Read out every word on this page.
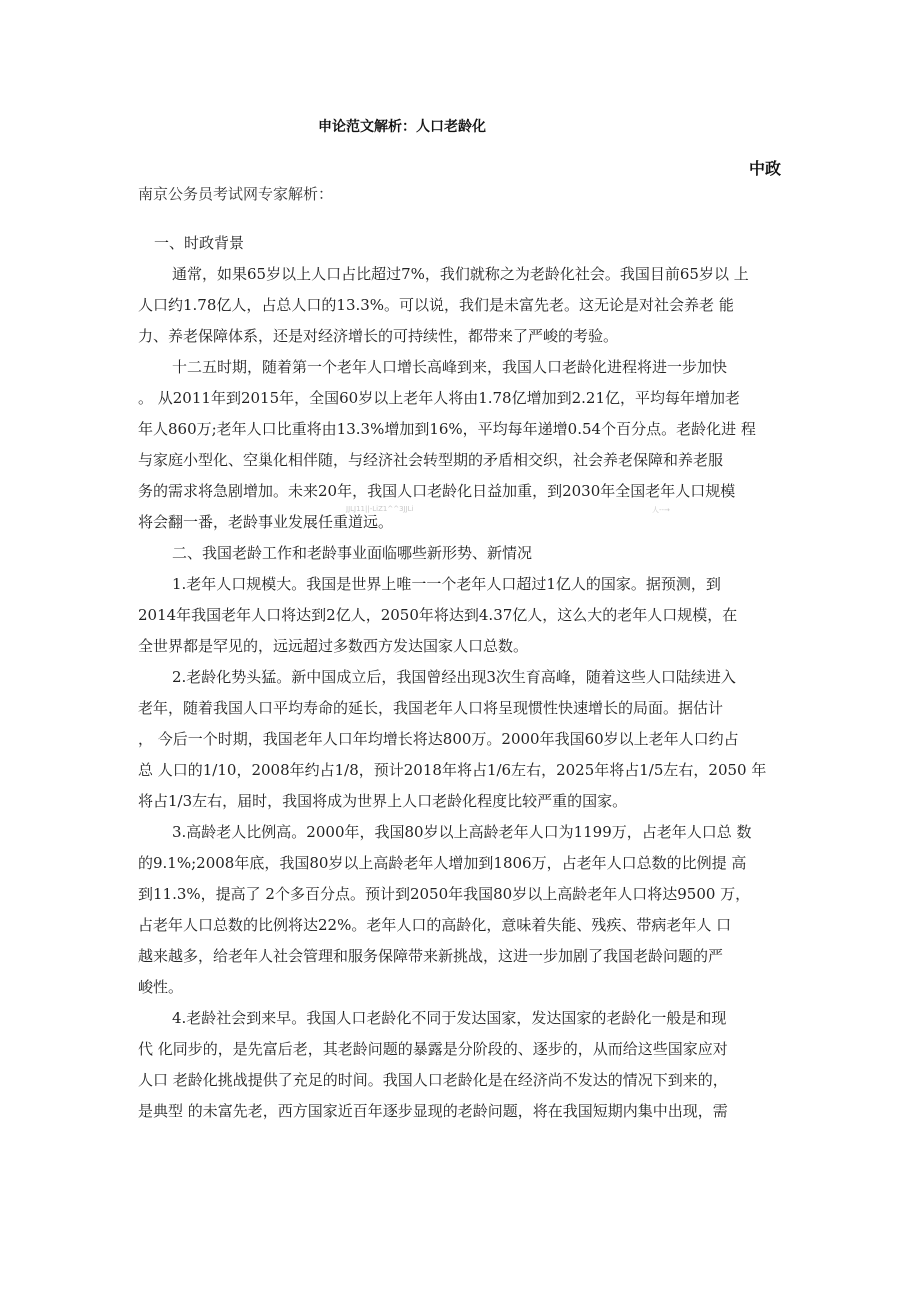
申论范文解析：人口老龄化
中政
南京公务员考试网专家解析：
一、时政背景
通常，如果65岁以上人口占比超过7%，我们就称之为老龄化社会。我国目前65岁以 上
人口约1.78亿人，占总人口的13.3%。可以说，我们是未富先老。这无论是对社会养老 能
力、养老保障体系，还是对经济增长的可持续性，都带来了严峻的考验。
十二五时期，随着第一个老年人口增长高峰到来，我国人口老龄化进程将进一步加快
。 从2011年到2015年，全国60岁以上老年人将由1.78亿增加到2.21亿，平均每年增加老
年人860万;老年人口比重将由13.3%增加到16%，平均每年递增0.54个百分点。老龄化进 程
与家庭小型化、空巢化相伴随，与经济社会转型期的矛盾相交织，社会养老保障和养老服
务的需求将急剧增加。未来20年，我国人口老龄化日益加重，到2030年全国老年人口规模
将会翻一番，老龄事业发展任重道远。
二、我国老龄工作和老龄事业面临哪些新形势、新情况
1.老年人口规模大。我国是世界上唯一一个老年人口超过1亿人的国家。据预测，到
2014年我国老年人口将达到2亿人，2050年将达到4.37亿人，这么大的老年人口规模，在
全世界都是罕见的，远远超过多数西方发达国家人口总数。
2.老龄化势头猛。新中国成立后，我国曾经出现3次生育高峰，随着这些人口陆续进入
老年，随着我国人口平均寿命的延长，我国老年人口将呈现惯性快速增长的局面。据估计
， 今后一个时期，我国老年人口年均增长将达800万。2000年我国60岁以上老年人口约占
总 人口的1/10，2008年约占1/8，预计2018年将占1/6左右，2025年将占1/5左右，2050 年
将占1/3左右，届时，我国将成为世界上人口老龄化程度比较严重的国家。
3.高龄老人比例高。2000年，我国80岁以上高龄老年人口为1199万，占老年人口总 数
的9.1%;2008年底，我国80岁以上高龄老年人增加到1806万，占老年人口总数的比例提 高
到11.3%，提高了 2个多百分点。预计到2050年我国80岁以上高龄老年人口将达9500 万，
占老年人口总数的比例将达22%。老年人口的高龄化，意味着失能、残疾、带病老年人 口
越来越多，给老年人社会管理和服务保障带来新挑战，这进一步加剧了我国老龄问题的严
峻性。
4.老龄社会到来早。我国人口老龄化不同于发达国家，发达国家的老龄化一般是和现
代 化同步的，是先富后老，其老龄问题的暴露是分阶段的、逐步的，从而给这些国家应对
人口 老龄化挑战提供了充足的时间。我国人口老龄化是在经济尚不发达的情况下到来的，
是典型 的未富先老，西方国家近百年逐步显现的老龄问题，将在我国短期内集中出现，需
JJLJ11||-LiZ1^^3JJLi	人--→
